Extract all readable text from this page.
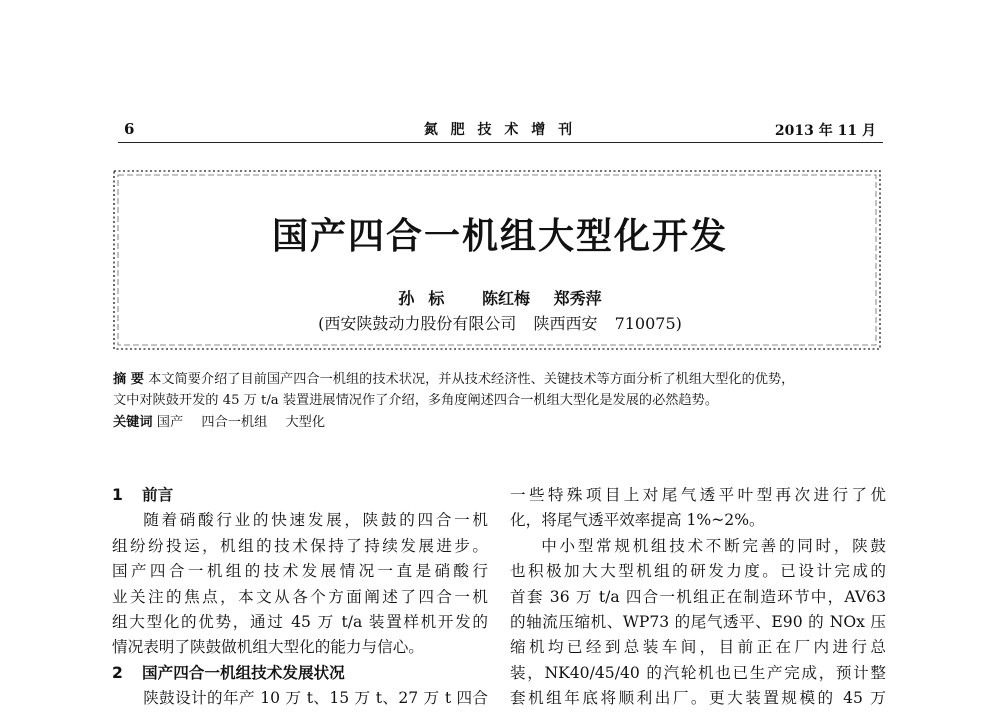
6	氮 肥 技 术 增 刊	2013 年 11 月
国产四合一机组大型化开发
孙标 陈红梅 郑秀萍
(西安陕鼓动力股份有限公司 陕西西安 710075)
摘 要 本文简要介绍了目前国产四合一机组的技术状况，并从技术经济性、关键技术等方面分析了机组大型化的优势，
文中对陕鼓开发的 45 万 t/a 装置进展情况作了介绍，多角度阐述四合一机组大型化是发展的必然趋势。
关键词 国产 四合一机组 大型化
1 前言

随着硝酸行业的快速发展，陕鼓的四合一机

组纷纷投运，机组的技术保持了持续发展进步。

国产四合一机组的技术发展情况一直是硝酸行

业关注的焦点，本文从各个方面阐述了四合一机

组大型化的优势，通过 45 万 t/a 装置样机开发的

情况表明了陕鼓做机组大型化的能力与信心。

2 国产四合一机组技术发展状况

陕鼓设计的年产 10 万 t、15 万 t、27 万 t 四合

一些特殊项目上对尾气透平叶型再次进行了优

化，将尾气透平效率提高 1%~2%。

中小型常规机组技术不断完善的同时，陕鼓

也积极加大大型机组的研发力度。已设计完成的

首套 36 万 t/a 四合一机组正在制造环节中，AV63

的轴流压缩机、WP73 的尾气透平、E90 的 NOx 压

缩机均已经到总装车间，目前正在厂内进行总

装，NK40/45/40 的汽轮机也已生产完成，预计整

套机组年底将顺利出厂。更大装置规模的 45 万
